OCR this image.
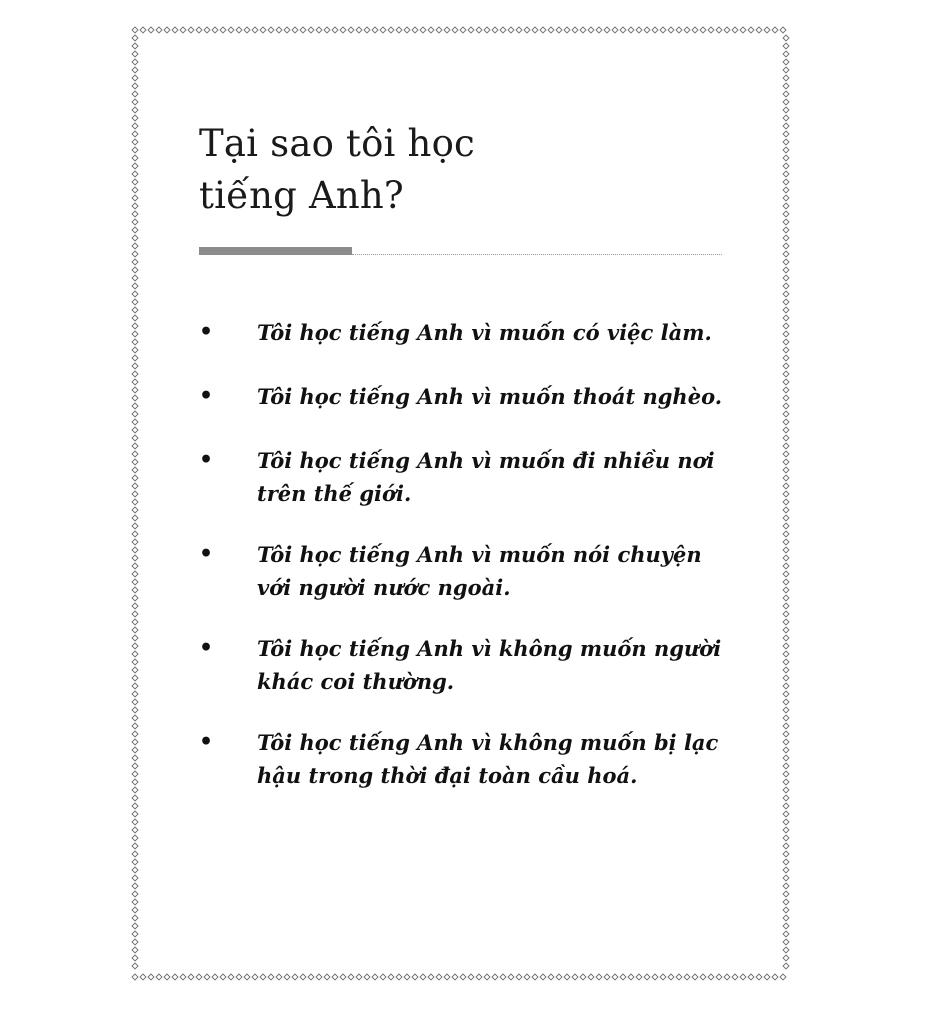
Tại sao tôi học
tiếng Anh?
• Tôi học tiếng Anh vì muốn có việc làm.
• Tôi học tiếng Anh vì muốn thoát nghèo.
• Tôi học tiếng Anh vì muốn đi nhiều nơi trên thế giới.
• Tôi học tiếng Anh vì muốn nói chuyện với người nước ngoài.
• Tôi học tiếng Anh vì không muốn người khác coi thường.
• Tôi học tiếng Anh vì không muốn bị lạc hậu trong thời đại toàn cầu hoá.
